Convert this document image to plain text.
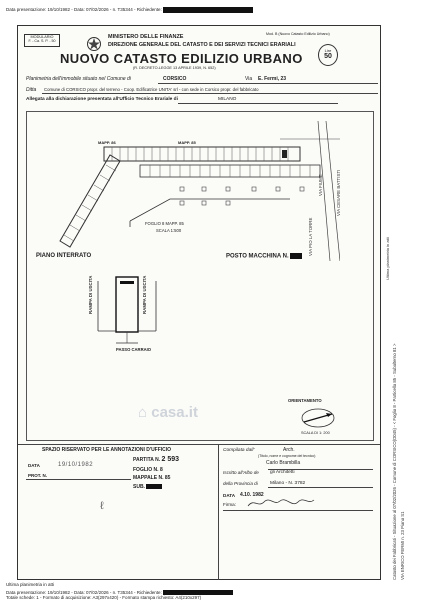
Data presentazione: 19/10/1982 - Data: 07/02/2026 - n. T35344 - Richiedente:
MODULARIO
F. - Ca. S. P. - 50
MINISTERO DELLE FINANZE
DIREZIONE GENERALE DEL CATASTO E DEI SERVIZI TECNICI ERARIALI
NUOVO CATASTO EDILIZIO URBANO
(R. DECRETO-LEGGE 13 APRILE 1939, N. 652)
Mod. B (Nuovo Catasto Edilizio Urbano)
Lire
50
Planimetria dell'immobile situato nel Comune di	CORSICO	Via E. Fermi, 23
Ditta Comune di CORSICO propr. del terreno - Coop. Edificatrice UNITA' srl - con sede in Corsico propr. del fabbricato
Allegata alla dichiarazione presentata all'Ufficio Tecnico Erariale di	MILANO
MAPP. 86	MAPP. 85
FOGLIO 8 MAPP. 85
SCALA 1:500
VIA FIUME
VIA PIO LA TORRE
VIA CESARE BATTISTI
PIANO INTERRATO	POSTO MACCHINA N.
RAMPA DI USCITA	RAMPA DI USCITA
PASSO CARRAIO
⌂ casa.it
ORIENTAMENTO
SCALA DI 1: 200
SPAZIO RISERVATO PER LE ANNOTAZIONI D'UFFICIO
DATA
PROT. N.
19/10/1982
PARTITA N. 2 593
FOGLIO N. 8
MAPPALE N. 85
SUB.
ℓ
Compilata dall'	Arch.
(Titolo, nome e cognome del tecnico)
Carlo Brambilla
Iscritto all'Albo de gli Architetti
della Provincia di	Milano - N. 3782
DATA 4.10. 1982
Firma:	Catasto dei Fabbricati - Situazione al 07/02/2026 - Comune di CORSICO(D045) - < Foglio 8 - Particella 85 - Subalterno 81 > VIA ENRICO FERMI n. 23 Piano S1
Ultima planimetria in atti
Ultima planimetria in atti
Data presentazione: 19/10/1982 - Data: 07/02/2026 - n. T35344 - Richiedente:
Totale schede: 1 - Formato di acquisizione: A3(297x420) - Formato stampa richiesto: A4(210x297)
